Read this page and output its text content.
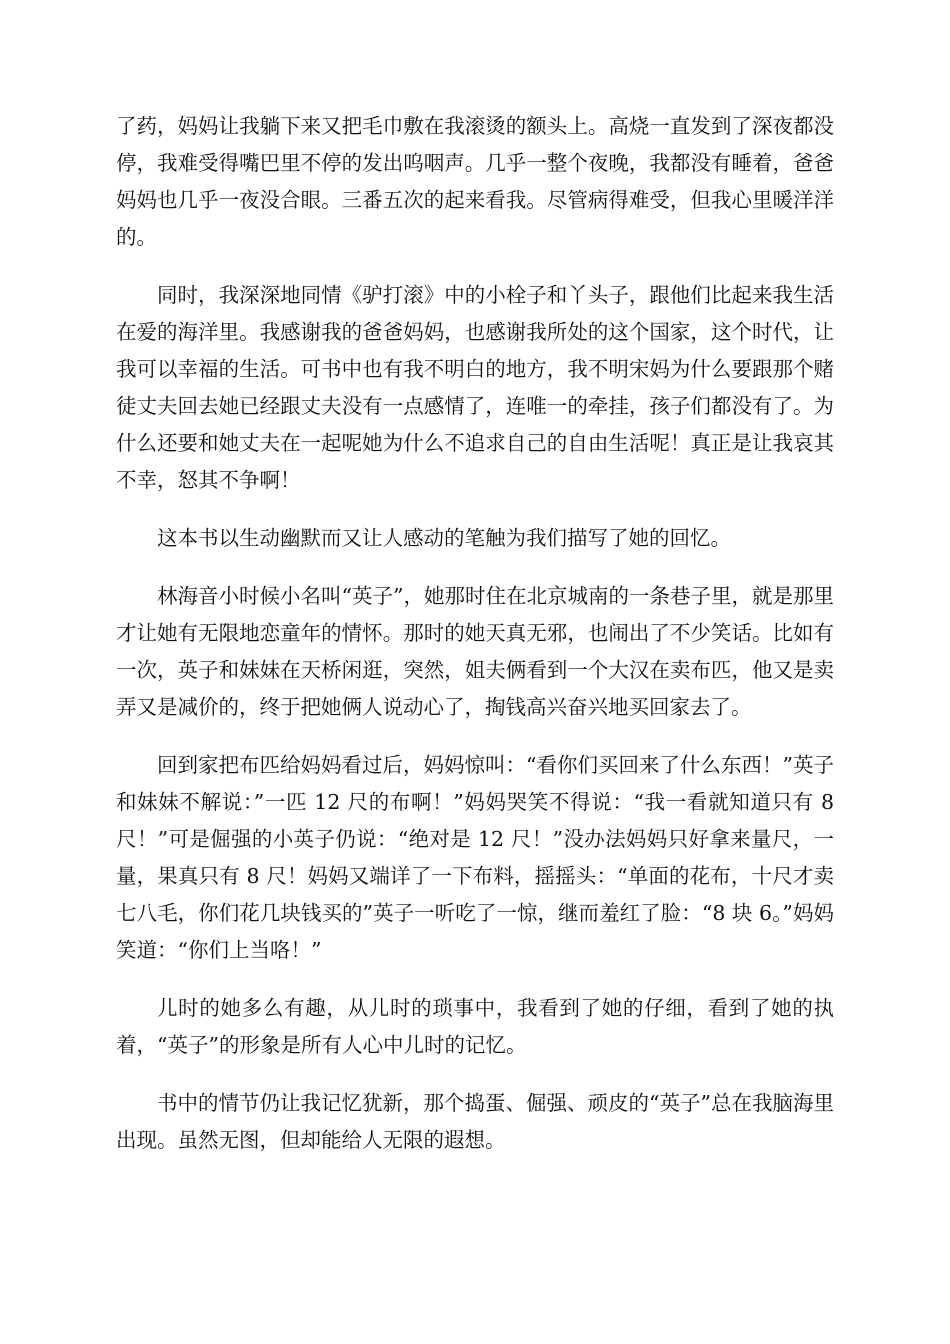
了药，妈妈让我躺下来又把毛巾敷在我滚烫的额头上。高烧一直发到了深夜都没停，我难受得嘴巴里不停的发出呜咽声。几乎一整个夜晚，我都没有睡着，爸爸妈妈也几乎一夜没合眼。三番五次的起来看我。尽管病得难受，但我心里暖洋洋的。

同时，我深深地同情《驴打滚》中的小栓子和丫头子，跟他们比起来我生活在爱的海洋里。我感谢我的爸爸妈妈，也感谢我所处的这个国家，这个时代，让我可以幸福的生活。可书中也有我不明白的地方，我不明宋妈为什么要跟那个赌徒丈夫回去她已经跟丈夫没有一点感情了，连唯一的牵挂，孩子们都没有了。为什么还要和她丈夫在一起呢她为什么不追求自己的自由生活呢！真正是让我哀其不幸，怒其不争啊！

这本书以生动幽默而又让人感动的笔触为我们描写了她的回忆。

林海音小时候小名叫“英子”，她那时住在北京城南的一条巷子里，就是那里才让她有无限地恋童年的情怀。那时的她天真无邪，也闹出了不少笑话。比如有一次，英子和妹妹在天桥闲逛，突然，姐夫俩看到一个大汉在卖布匹，他又是卖弄又是减价的，终于把她俩人说动心了，掏钱高兴奋兴地买回家去了。

回到家把布匹给妈妈看过后，妈妈惊叫：“看你们买回来了什么东西！”英子和妹妹不解说：”一匹 12 尺的布啊！”妈妈哭笑不得说：“我一看就知道只有 8 尺！”可是倔强的小英子仍说：“绝对是 12 尺！”没办法妈妈只好拿来量尺，一量，果真只有 8 尺！妈妈又端详了一下布料，摇摇头：“单面的花布，十尺才卖七八毛，你们花几块钱买的”英子一听吃了一惊，继而羞红了脸：“8 块 6。”妈妈笑道：“你们上当咯！”

儿时的她多么有趣，从儿时的琐事中，我看到了她的仔细，看到了她的执着，“英子”的形象是所有人心中儿时的记忆。

书中的情节仍让我记忆犹新，那个捣蛋、倔强、顽皮的“英子”总在我脑海里出现。虽然无图，但却能给人无限的遐想。
